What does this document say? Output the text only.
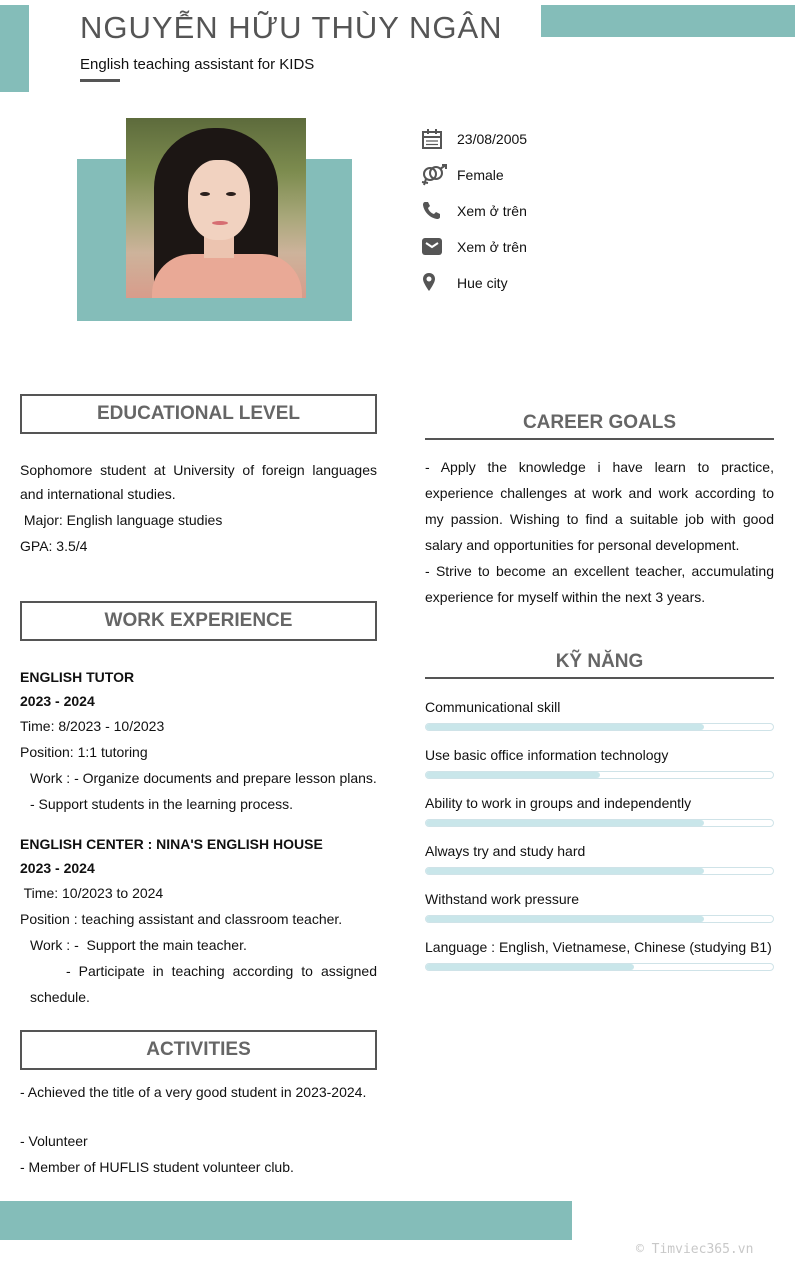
NGUYỄN HỮU THÙY NGÂN
English teaching assistant for KIDS
23/08/2005
Female
Xem ở trên
Xem ở trên
Hue city
EDUCATIONAL LEVEL
Sophomore student at University of foreign languages and international studies.
Major: English language studies
GPA: 3.5/4
WORK EXPERIENCE
ENGLISH TUTOR
2023 - 2024
Time: 8/2023 - 10/2023
Position: 1:1 tutoring
Work : - Organize documents and prepare lesson plans.
- Support students in the learning process.
ENGLISH CENTER : NINA'S ENGLISH HOUSE
2023 - 2024
Time: 10/2023 to 2024
Position : teaching assistant and classroom teacher.
Work : -  Support the main teacher.
- Participate in teaching according to assigned schedule.
ACTIVITIES
- Achieved the title of a very good student in 2023-2024.
- Volunteer
- Member of HUFLIS student volunteer club.
CAREER GOALS
- Apply the knowledge i have learn to practice, experience challenges at work and work according to my passion. Wishing to find a suitable job with good salary and opportunities for personal development.
- Strive to become an excellent teacher, accumulating experience for myself within the next 3 years.
KỸ NĂNG
Communicational skill
Use basic office information technology
Ability to work in groups and independently
Always try and study hard
Withstand work pressure
Language : English, Vietnamese, Chinese (studying B1)
© Timviec365.vn
